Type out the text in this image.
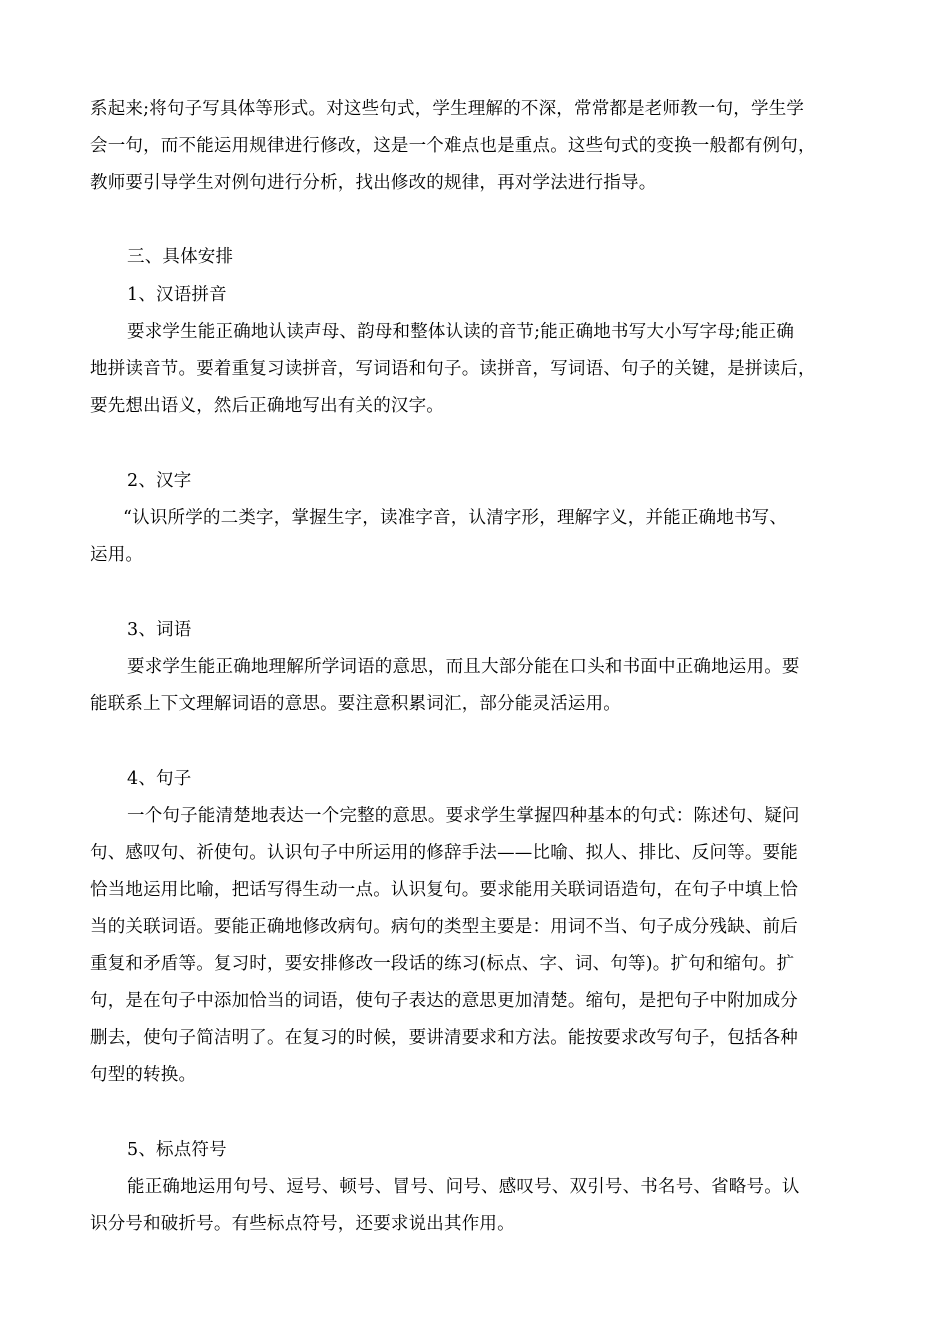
系起来;将句子写具体等形式。对这些句式，学生理解的不深，常常都是老师教一句，学生学
会一句，而不能运用规律进行修改，这是一个难点也是重点。这些句式的变换一般都有例句，
教师要引导学生对例句进行分析，找出修改的规律，再对学法进行指导。
三、具体安排
1、汉语拼音
要求学生能正确地认读声母、韵母和整体认读的音节;能正确地书写大小写字母;能正确
地拼读音节。要着重复习读拼音，写词语和句子。读拼音，写词语、句子的关键，是拼读后，
要先想出语义，然后正确地写出有关的汉字。
2、汉字
“认识所学的二类字，掌握生字，读准字音，认清字形，理解字义，并能正确地书写、
运用。
3、词语
要求学生能正确地理解所学词语的意思，而且大部分能在口头和书面中正确地运用。要
能联系上下文理解词语的意思。要注意积累词汇，部分能灵活运用。
4、句子
一个句子能清楚地表达一个完整的意思。要求学生掌握四种基本的句式：陈述句、疑问
句、感叹句、祈使句。认识句子中所运用的修辞手法——比喻、拟人、排比、反问等。要能
恰当地运用比喻，把话写得生动一点。认识复句。要求能用关联词语造句，在句子中填上恰
当的关联词语。要能正确地修改病句。病句的类型主要是：用词不当、句子成分残缺、前后
重复和矛盾等。复习时，要安排修改一段话的练习(标点、字、词、句等)。扩句和缩句。扩
句，是在句子中添加恰当的词语，使句子表达的意思更加清楚。缩句，是把句子中附加成分
删去，使句子简洁明了。在复习的时候，要讲清要求和方法。能按要求改写句子，包括各种
句型的转换。
5、标点符号
能正确地运用句号、逗号、顿号、冒号、问号、感叹号、双引号、书名号、省略号。认
识分号和破折号。有些标点符号，还要求说出其作用。
